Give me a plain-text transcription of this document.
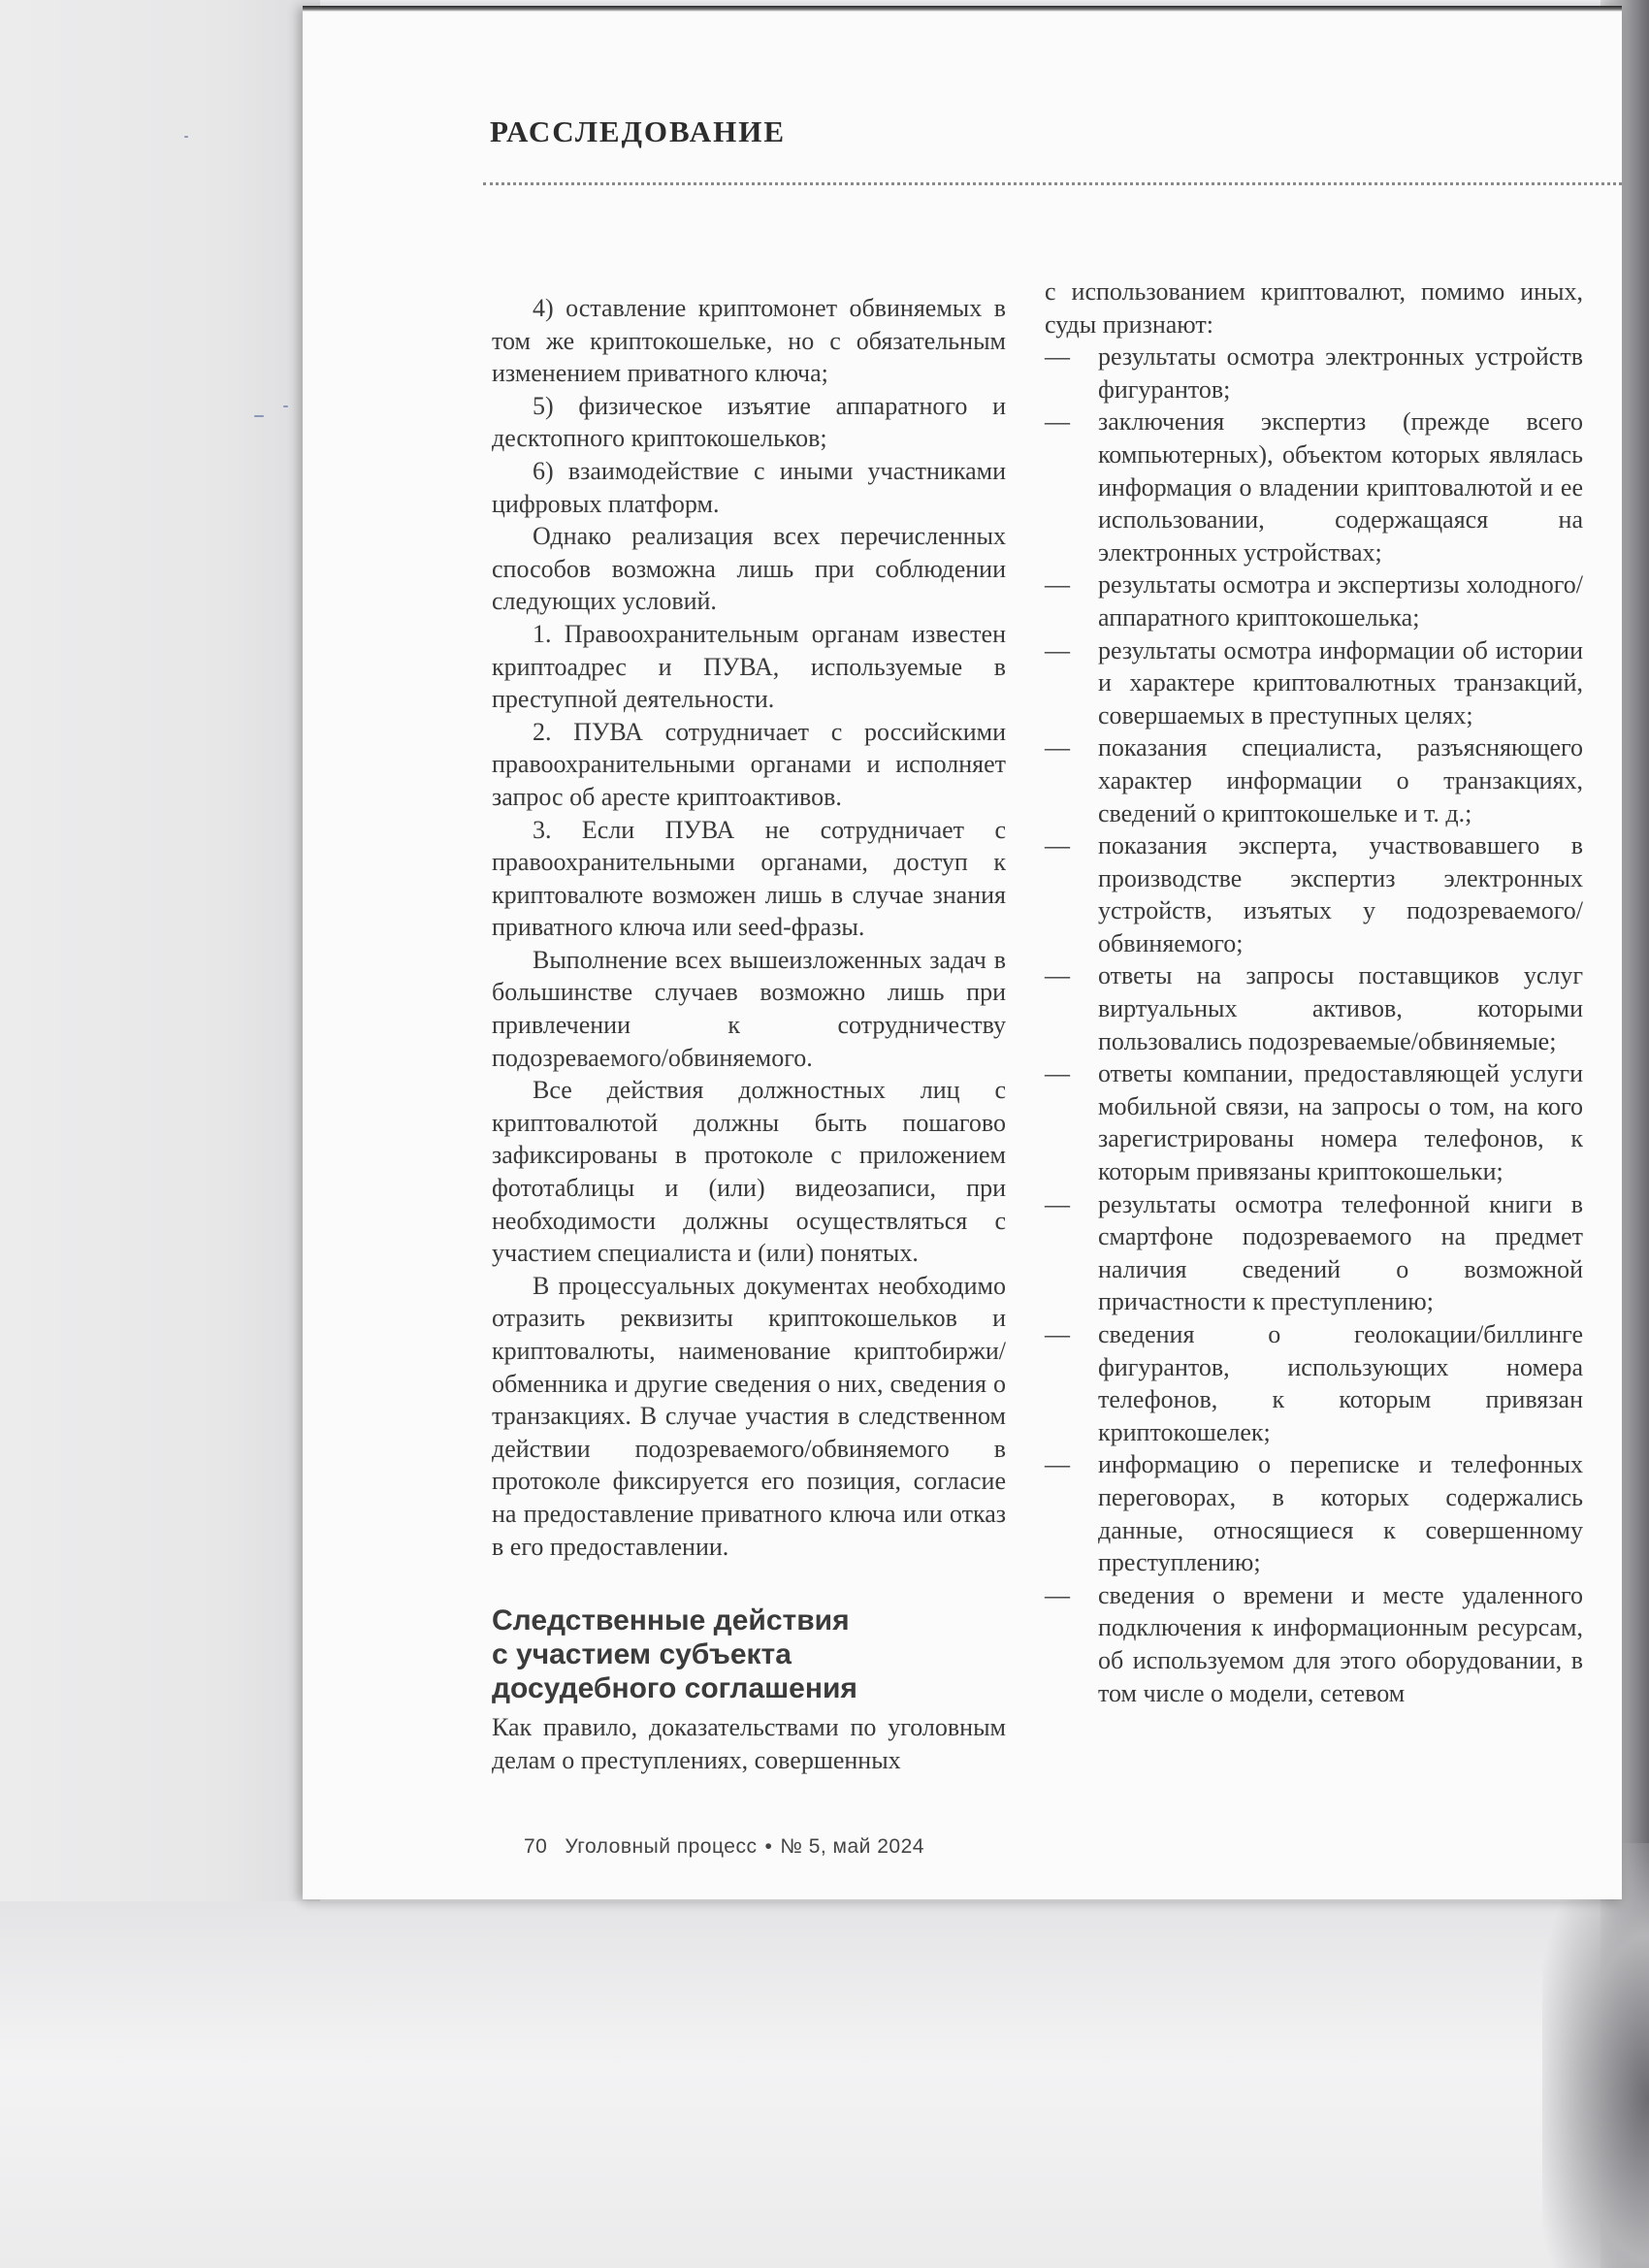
РАССЛЕДОВАНИЕ

4) оставление криптомонет обвиняемых в том же криптокошельке, но с обязательным изменением приватного ключа;

5) физическое изъятие аппаратного и десктопного криптокошельков;

6) взаимодействие с иными участниками цифровых платформ.

Однако реализация всех перечисленных способов возможна лишь при соблюдении следующих условий.

1. Правоохранительным органам известен криптоадрес и ПУВА, используемые в преступной деятельности.

2. ПУВА сотрудничает с российскими правоохранительными органами и исполняет запрос об аресте криптоактивов.

3. Если ПУВА не сотрудничает с правоохранительными органами, доступ к криптовалюте возможен лишь в случае знания приватного ключа или seed-фразы.

Выполнение всех вышеизложенных задач в большинстве случаев возможно лишь при привлечении к сотрудничеству подозреваемого/обвиняемого.

Все действия должностных лиц с криптовалютой должны быть пошагово зафиксированы в протоколе с приложением фототаблицы и (или) видеозаписи, при необходимости должны осуществляться с участием специалиста и (или) понятых.

В процессуальных документах необходимо отразить реквизиты криптокошельков и криптовалюты, наименование криптобиржи/обменника и другие сведения о них, сведения о транзакциях. В случае участия в следственном действии подозреваемого/обвиняемого в протоколе фиксируется его позиция, согласие на предоставление приватного ключа или отказ в его предоставлении.

Следственные действия
с участием субъекта
досудебного соглашения

Как правило, доказательствами по уголовным делам о преступлениях, совершенных

с использованием криптовалют, помимо иных, суды признают:

— результаты осмотра электронных устройств фигурантов;
— заключения экспертиз (прежде всего компьютерных), объектом которых являлась информация о владении криптовалютой и ее использовании, содержащаяся на электронных устройствах;
— результаты осмотра и экспертизы холодного/аппаратного криптокошелька;
— результаты осмотра информации об истории и характере криптовалютных транзакций, совершаемых в преступных целях;
— показания специалиста, разъясняющего характер информации о транзакциях, сведений о криптокошельке и т. д.;
— показания эксперта, участвовавшего в производстве экспертиз электронных устройств, изъятых у подозреваемого/обвиняемого;
— ответы на запросы поставщиков услуг виртуальных активов, которыми пользовались подозреваемые/обвиняемые;
— ответы компании, предоставляющей услуги мобильной связи, на запросы о том, на кого зарегистрированы номера телефонов, к которым привязаны криптокошельки;
— результаты осмотра телефонной книги в смартфоне подозреваемого на предмет наличия сведений о возможной причастности к преступлению;
— сведения о геолокации/биллинге фигурантов, использующих номера телефонов, к которым привязан криптокошелек;
— информацию о переписке и телефонных переговорах, в которых содержались данные, относящиеся к совершенному преступлению;
— сведения о времени и месте удаленного подключения к информационным ресурсам, об используемом для этого оборудовании, в том числе о модели, сетевом
70 Уголовный процесс • № 5, май 2024
